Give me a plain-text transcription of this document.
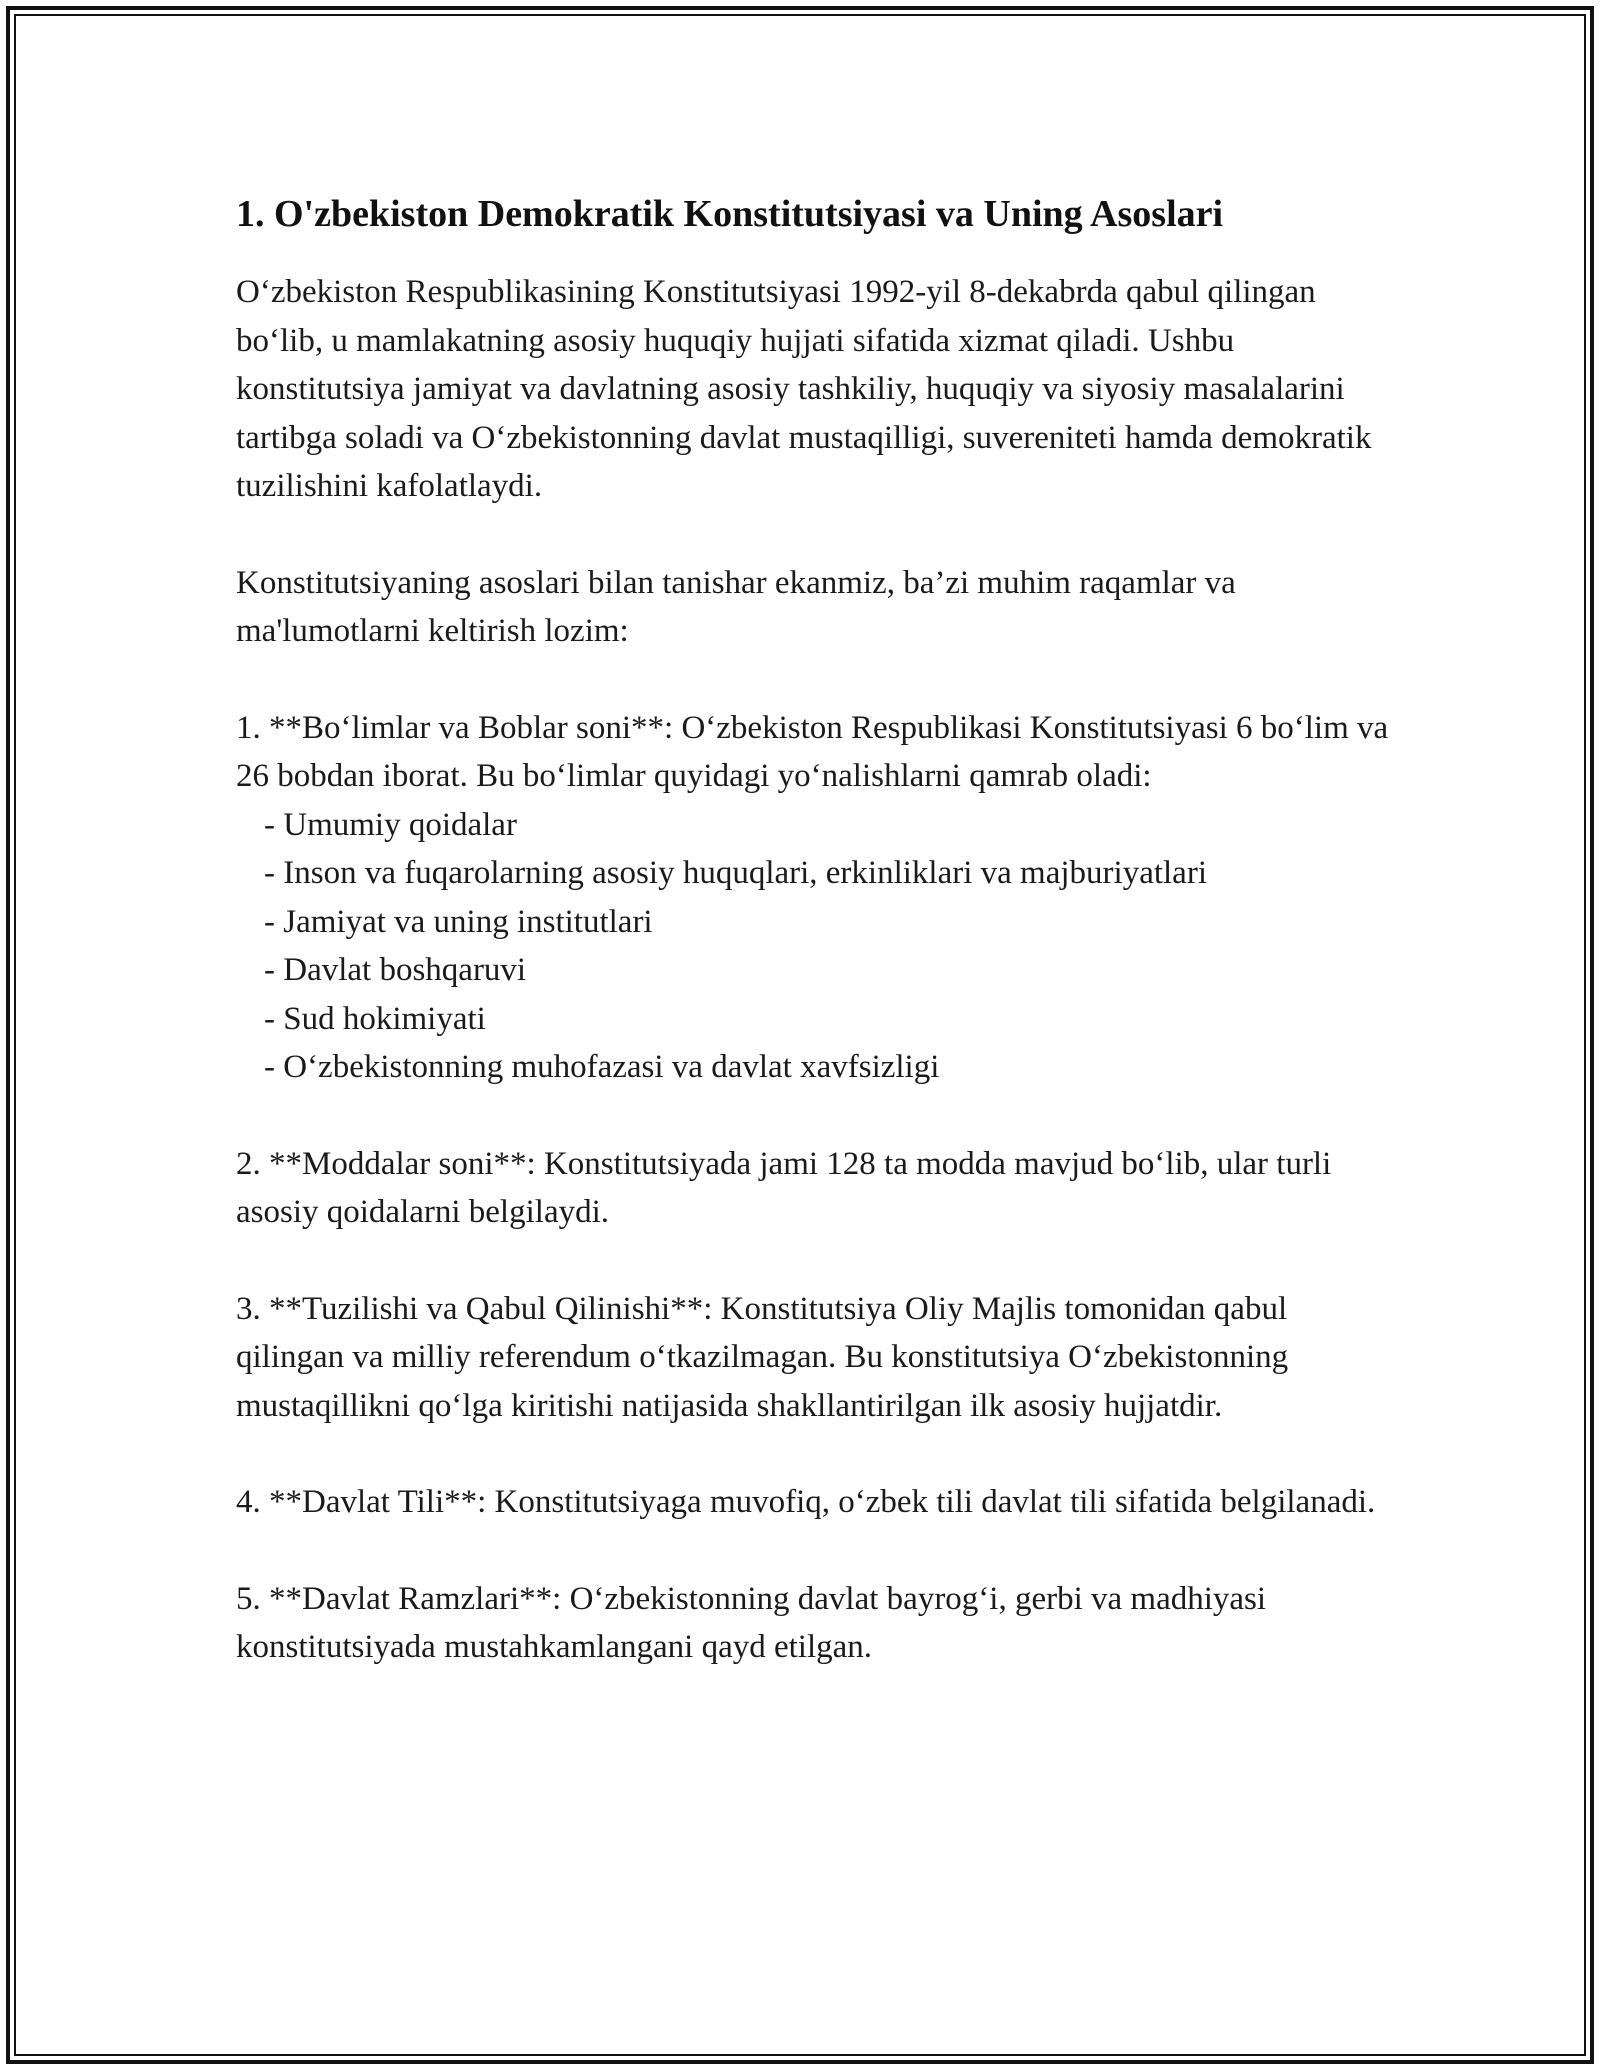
1. O'zbekiston Demokratik Konstitutsiyasi va Uning Asoslari

O‘zbekiston Respublikasining Konstitutsiyasi 1992-yil 8-dekabrda qabul qilingan bo‘lib, u mamlakatning asosiy huquqiy hujjati sifatida xizmat qiladi. Ushbu konstitutsiya jamiyat va davlatning asosiy tashkiliy, huquqiy va siyosiy masalalarini tartibga soladi va O‘zbekistonning davlat mustaqilligi, suvereniteti hamda demokratik tuzilishini kafolatlaydi.

Konstitutsiyaning asoslari bilan tanishar ekanmiz, ba’zi muhim raqamlar va ma'lumotlarni keltirish lozim:

1. **Bo‘limlar va Boblar soni**: O‘zbekiston Respublikasi Konstitutsiyasi 6 bo‘lim va 26 bobdan iborat. Bu bo‘limlar quyidagi yo‘nalishlarni qamrab oladi:
- Umumiy qoidalar
- Inson va fuqarolarning asosiy huquqlari, erkinliklari va majburiyatlari
- Jamiyat va uning institutlari
- Davlat boshqaruvi
- Sud hokimiyati
- O‘zbekistonning muhofazasi va davlat xavfsizligi

2. **Moddalar soni**: Konstitutsiyada jami 128 ta modda mavjud bo‘lib, ular turli asosiy qoidalarni belgilaydi.

3. **Tuzilishi va Qabul Qilinishi**: Konstitutsiya Oliy Majlis tomonidan qabul qilingan va milliy referendum o‘tkazilmagan. Bu konstitutsiya O‘zbekistonning mustaqillikni qo‘lga kiritishi natijasida shakllantirilgan ilk asosiy hujjatdir.

4. **Davlat Tili**: Konstitutsiyaga muvofiq, o‘zbek tili davlat tili sifatida belgilanadi.

5. **Davlat Ramzlari**: O‘zbekistonning davlat bayrog‘i, gerbi va madhiyasi konstitutsiyada mustahkamlangani qayd etilgan.
